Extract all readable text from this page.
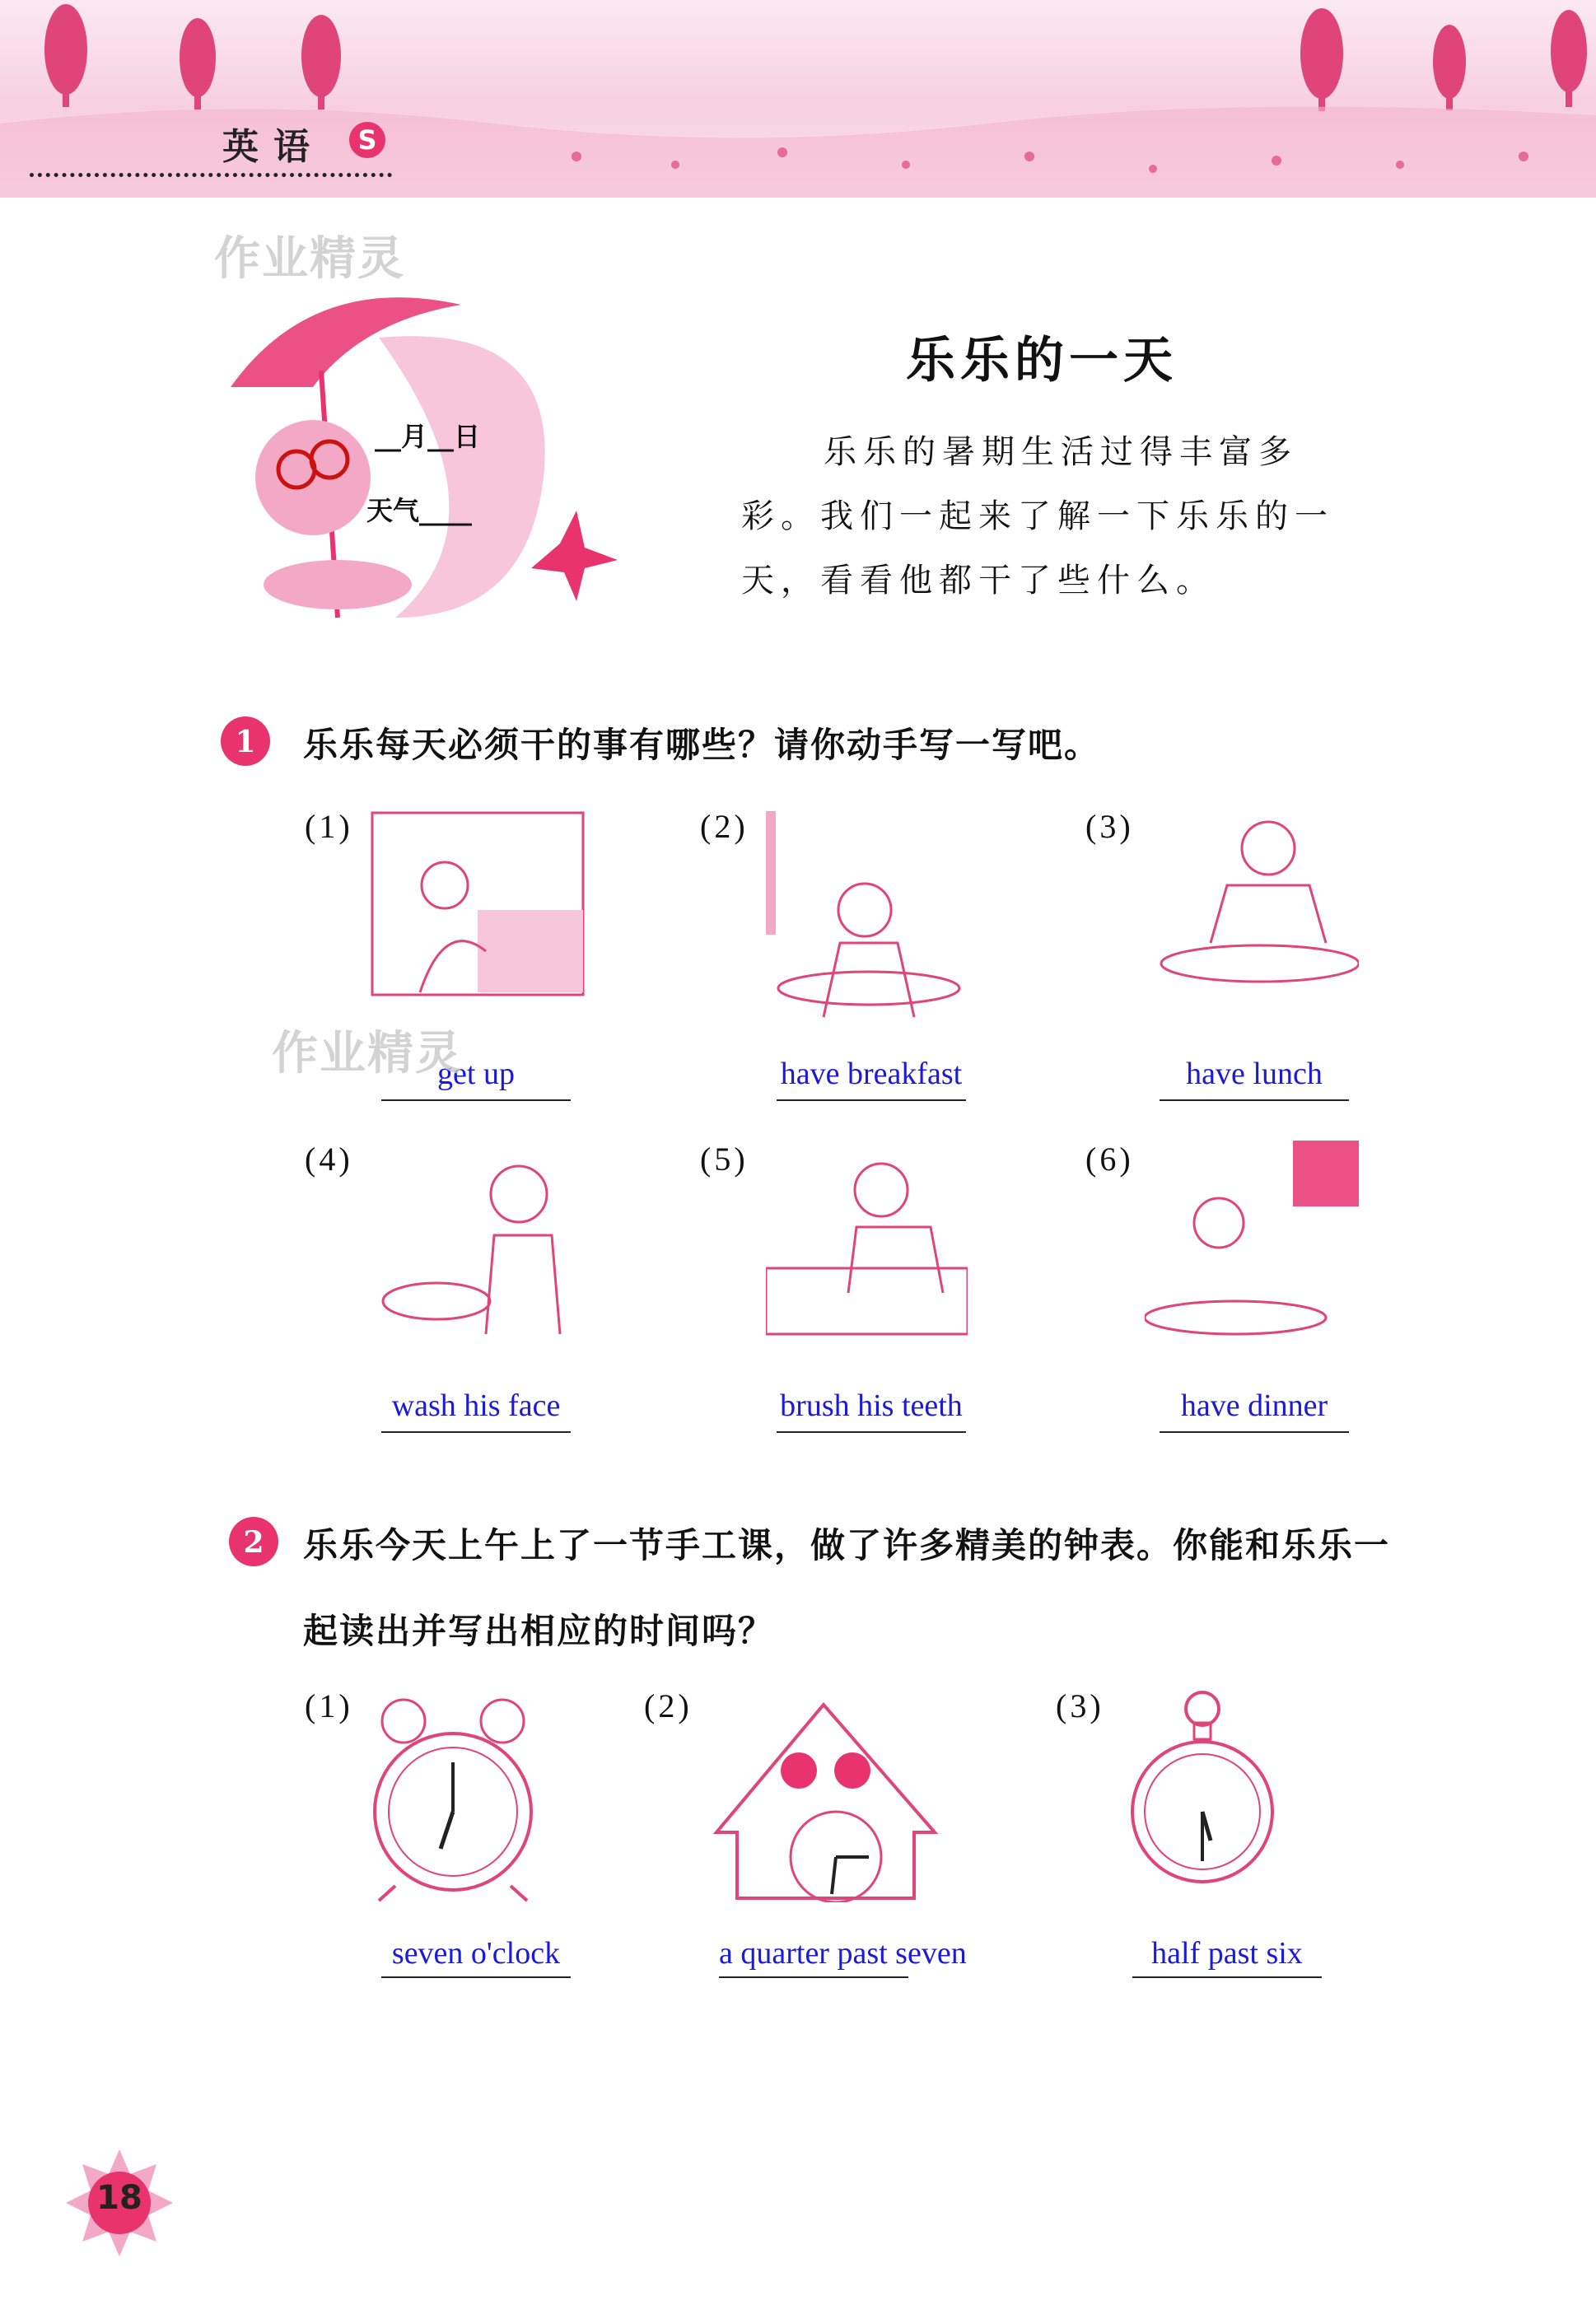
英语	S
作业精灵
__月__日
天气____
乐乐的一天

乐乐的暑期生活过得丰富多彩。我们一起来了解一下乐乐的一天，看看他都干了些什么。

1	乐乐每天必须干的事有哪些？请你动手写一写吧。
(1)
get up
(2)
have breakfast
(3)
have lunch
(4)
wash his face
(5)
brush his teeth
(6)
have dinner
作业精灵
2	乐乐今天上午上了一节手工课，做了许多精美的钟表。你能和乐乐一
起读出并写出相应的时间吗？
(1)
seven o'clock
(2)
a quarter past seven
(3)
half past six
18
